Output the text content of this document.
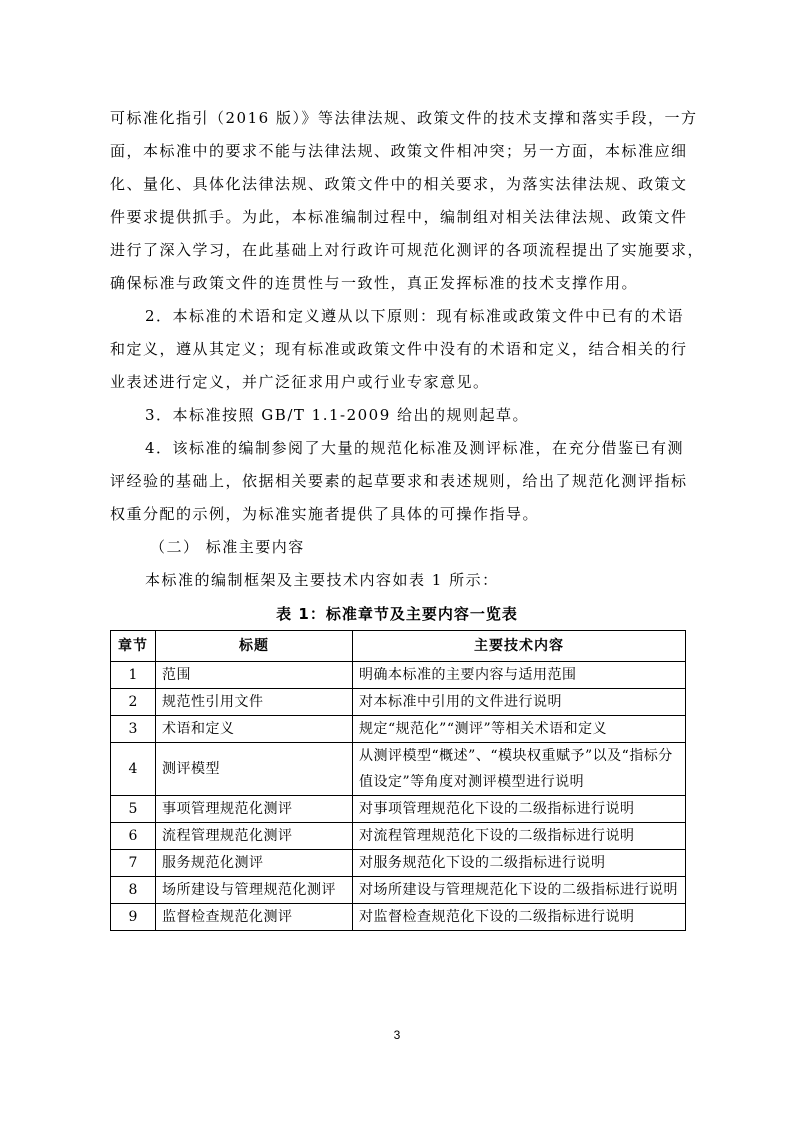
可标准化指引（2016 版）》等法律法规、政策文件的技术支撑和落实手段，一方
面，本标准中的要求不能与法律法规、政策文件相冲突；另一方面，本标准应细
化、量化、具体化法律法规、政策文件中的相关要求，为落实法律法规、政策文
件要求提供抓手。为此，本标准编制过程中，编制组对相关法律法规、政策文件
进行了深入学习，在此基础上对行政许可规范化测评的各项流程提出了实施要求，
确保标准与政策文件的连贯性与一致性，真正发挥标准的技术支撑作用。
2．本标准的术语和定义遵从以下原则：现有标准或政策文件中已有的术语
和定义，遵从其定义；现有标准或政策文件中没有的术语和定义，结合相关的行
业表述进行定义，并广泛征求用户或行业专家意见。
3．本标准按照 GB/T 1.1-2009 给出的规则起草。
4．该标准的编制参阅了大量的规范化标准及测评标准，在充分借鉴已有测
评经验的基础上，依据相关要素的起草要求和表述规则，给出了规范化测评指标
权重分配的示例，为标准实施者提供了具体的可操作指导。
（二） 标准主要内容
表 1：标准章节及主要内容一览表
章节	标题	主要技术内容
1	范围	明确本标准的主要内容与适用范围
2	规范性引用文件	对本标准中引用的文件进行说明
3	术语和定义	规定“规范化”“测评”等相关术语和定义
4	测评模型	从测评模型“概述”、“模块权重赋予”以及“指标分值设定”等角度对测评模型进行说明
5	事项管理规范化测评	对事项管理规范化下设的二级指标进行说明
6	流程管理规范化测评	对流程管理规范化下设的二级指标进行说明
7	服务规范化测评	对服务规范化下设的二级指标进行说明
8	场所建设与管理规范化测评	对场所建设与管理规范化下设的二级指标进行说明
9	监督检查规范化测评	对监督检查规范化下设的二级指标进行说明
3
本标准的编制框架及主要技术内容如表 1 所示：
